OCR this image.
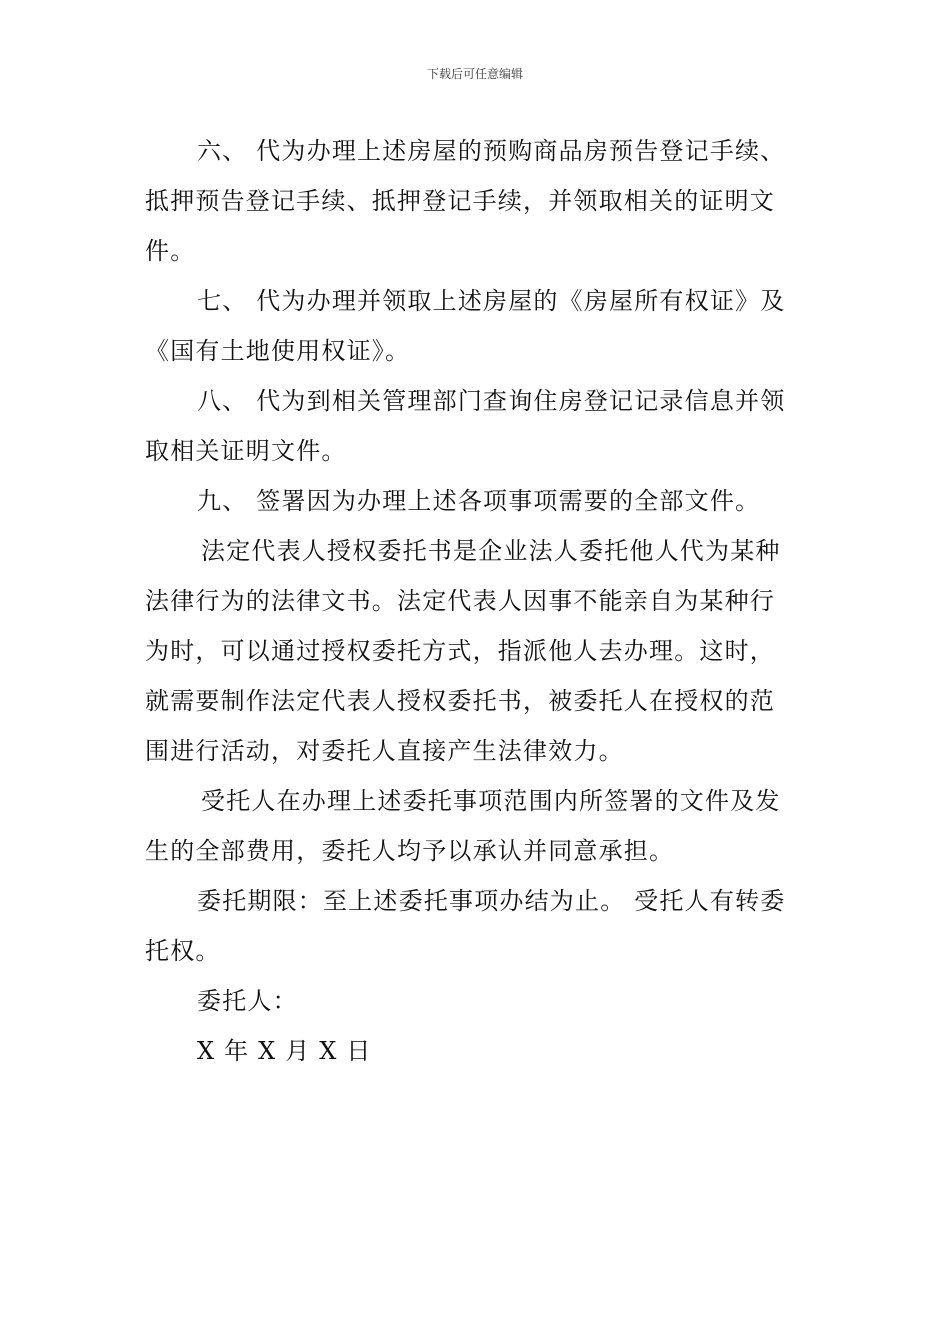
下载后可任意编辑

六、 代为办理上述房屋的预购商品房预告登记手续、
抵押预告登记手续、抵押登记手续，并领取相关的证明文
件。

七、 代为办理并领取上述房屋的《房屋所有权证》及
《国有土地使用权证》。

八、 代为到相关管理部门查询住房登记记录信息并领
取相关证明文件。

九、 签署因为办理上述各项事项需要的全部文件。

法定代表人授权委托书是企业法人委托他人代为某种
法律行为的法律文书。法定代表人因事不能亲自为某种行
为时，可以通过授权委托方式，指派他人去办理。这时，
就需要制作法定代表人授权委托书，被委托人在授权的范
围进行活动，对委托人直接产生法律效力。

受托人在办理上述委托事项范围内所签署的文件及发
生的全部费用，委托人均予以承认并同意承担。

委托期限：至上述委托事项办结为止。 受托人有转委
托权。

委托人：

X 年 X 月 X 日
